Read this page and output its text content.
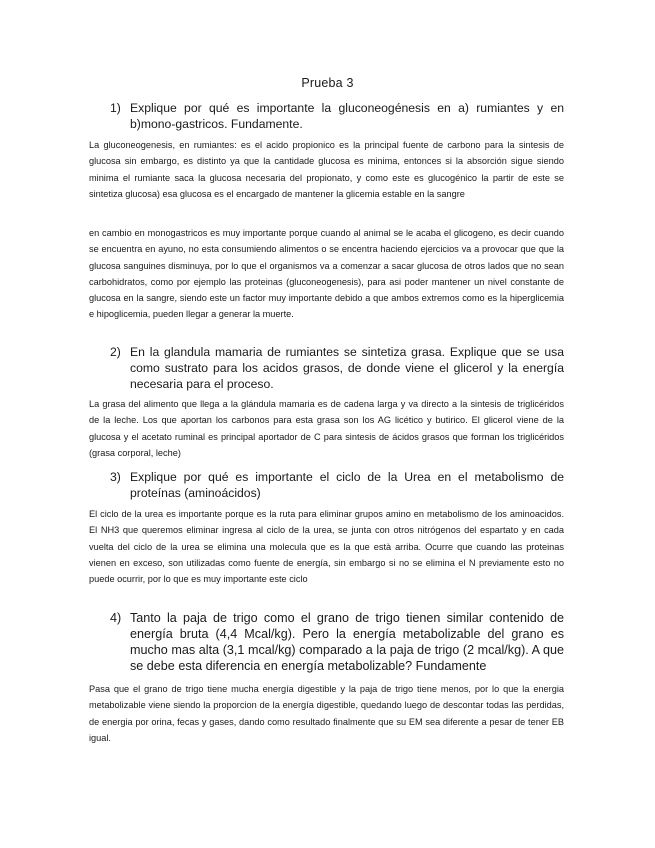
Prueba 3
1) Explique por qué es importante la gluconeogénesis en a) rumiantes y en b)mono-gastricos. Fundamente.
La gluconeogenesis, en rumiantes: es el acido propionico es la principal fuente de carbono para la sintesis de glucosa sin embargo, es distinto ya que la cantidade glucosa es minima, entonces si la absorción sigue siendo minima el rumiante saca la glucosa necesaria del propionato, y como este es glucogénico la partir de este se sintetiza glucosa) esa glucosa es el encargado de mantener la glicemia estable en la sangre
en cambio en monogastricos es muy importante porque cuando al animal se le acaba el glicogeno, es decir cuando se encuentra en ayuno, no esta consumiendo alimentos o se encentra haciendo ejercicios va a provocar que que la glucosa sanguines disminuya, por lo que el organismos va a comenzar a sacar glucosa de otros lados que no sean carbohidratos, como por ejemplo las proteinas (gluconeogenesis), para asi poder mantener un nivel constante de glucosa en la sangre, siendo este un factor muy importante debido a que ambos extremos como es la hiperglicemia e hipoglicemia, pueden llegar a generar la muerte.
2) En la glandula mamaria de rumiantes se sintetiza grasa. Explique que se usa como sustrato para los acidos grasos, de donde viene el glicerol y la energía necesaria para el proceso.
La grasa del alimento que llega a la glándula mamaria es de cadena larga y va directo a la sintesis de triglicéridos de la leche. Los que aportan los carbonos para esta grasa son los AG licético y butirico. El glicerol viene de la glucosa y el acetato ruminal es principal aportador de C para sintesis de ácidos grasos que forman los triglicéridos (grasa corporal, leche)
3) Explique por qué es importante el ciclo de la Urea en el metabolismo de proteínas (aminoácidos)
El ciclo de la urea es importante porque es la ruta para eliminar grupos amino en metabolismo de los aminoacidos. El NH3 que queremos eliminar ingresa al ciclo de la urea, se junta con otros nitrógenos del espartato y en cada vuelta del ciclo de la urea se elimina una molecula que es la que està arriba. Ocurre que cuando las proteinas vienen en exceso, son utilizadas como fuente de energía, sin embargo si no se elimina el N previamente esto no puede ocurrir, por lo que es muy importante este ciclo
4) Tanto la paja de trigo como el grano de trigo tienen similar contenido de energía bruta (4,4 Mcal/kg). Pero la energía metabolizable del grano es mucho mas alta (3,1 mcal/kg) comparado a la paja de trigo (2 mcal/kg). A que se debe esta diferencia en energía metabolizable? Fundamente
Pasa que el grano de trigo tiene mucha energía digestible y la paja de trigo tiene menos, por lo que la energia metabolizable viene siendo la proporcion de la energía digestible, quedando luego de descontar todas las perdidas, de energia por orina, fecas y gases, dando como resultado finalmente que su EM sea diferente a pesar de tener EB igual.
